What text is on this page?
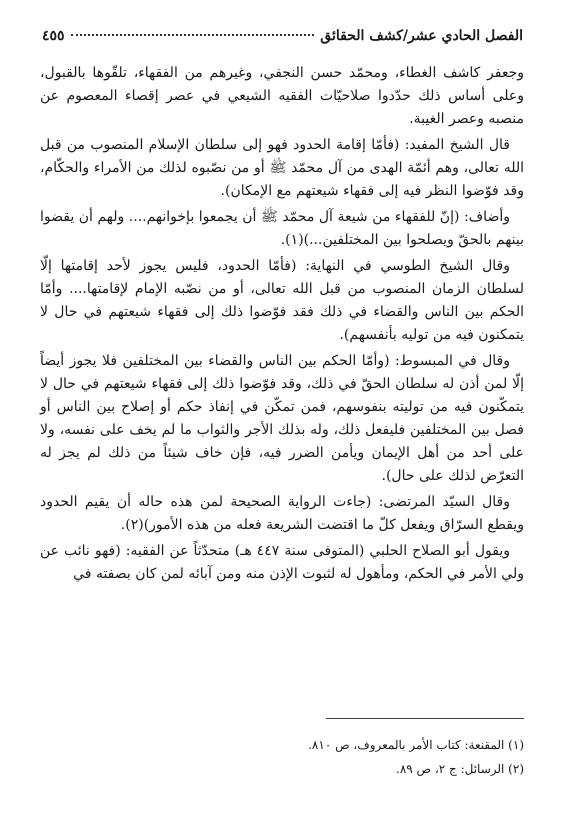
٤٥٥	الفصل الحادي عشر/كشف الحقائق

وجعفر كاشف الغطاء، ومحمّد حسن النجفي، وغيرهم من الفقهاء، تلقّوها بالقبول، وعلى أساس ذلك حدّدوا صلاحيّات الفقيه الشيعي في عصر إقصاء المعصوم عن منصبه وعصر الغيبة.

قال الشيخ المفيد: (فأمّا إقامة الحدود فهو إلى سلطان الإسلام المنصوب من قبل الله تعالى، وهم أئمّة الهدى من آل محمّد ﷺ أو من نصّبوه لذلك من الأمراء والحكّام، وقد فوّضوا النظر فيه إلى فقهاء شيعتهم مع الإمكان).

وأضاف: (إنّ للفقهاء من شيعة آل محمّد ﷺ أن يجمعوا بإخوانهم.... ولهم أن يقضوا بينهم بالحقّ ويصلحوا بين المختلفين...)(١).

وقال الشيخ الطوسي في النهاية: (فأمّا الحدود، فليس يجوز لأحد إقامتها إلّا لسلطان الزمان المنصوب من قبل الله تعالى، أو من نصّبه الإمام لإقامتها.... وأمّا الحكم بين الناس والقضاء في ذلك فقد فوّضوا ذلك إلى فقهاء شيعتهم في حال لا يتمكنون فيه من توليه بأنفسهم).

وقال في المبسوط: (وأمّا الحكم بين الناس والقضاء بين المختلفين فلا يجوز أيضاً إلّا لمن أذن له سلطان الحقّ في ذلك، وقد فوّضوا ذلك إلى فقهاء شيعتهم في حال لا يتمكّنون فيه من توليته بنفوسهم، فمن تمكّن في إنفاذ حكم أو إصلاح بين الناس أو فصل بين المختلفين فليفعل ذلك، وله بذلك الأجر والثواب ما لم يخف على نفسه، ولا على أحد من أهل الإيمان ويأمن الضرر فيه، فإن خاف شيئاً من ذلك لم يجز له التعرّض لذلك على حال).

وقال السيّد المرتضى: (جاءت الرواية الصحيحة لمن هذه حاله أن يقيم الحدود ويقطع السرّاق ويفعل كلّ ما اقتضت الشريعة فعله من هذه الأمور)(٢).

ويقول أبو الصلاح الحلبي (المتوفى سنة ٤٤٧ هـ) متحدّثاً عن الفقيه: (فهو نائب عن ولي الأمر في الحكم، ومأهول له لثبوت الإذن منه ومن آبائه لمن كان بصفته في

(١) المقنعة: كتاب الأمر بالمعروف، ص ٨١٠.
(٢) الرسائل: ج ٢، ص ٨٩.
